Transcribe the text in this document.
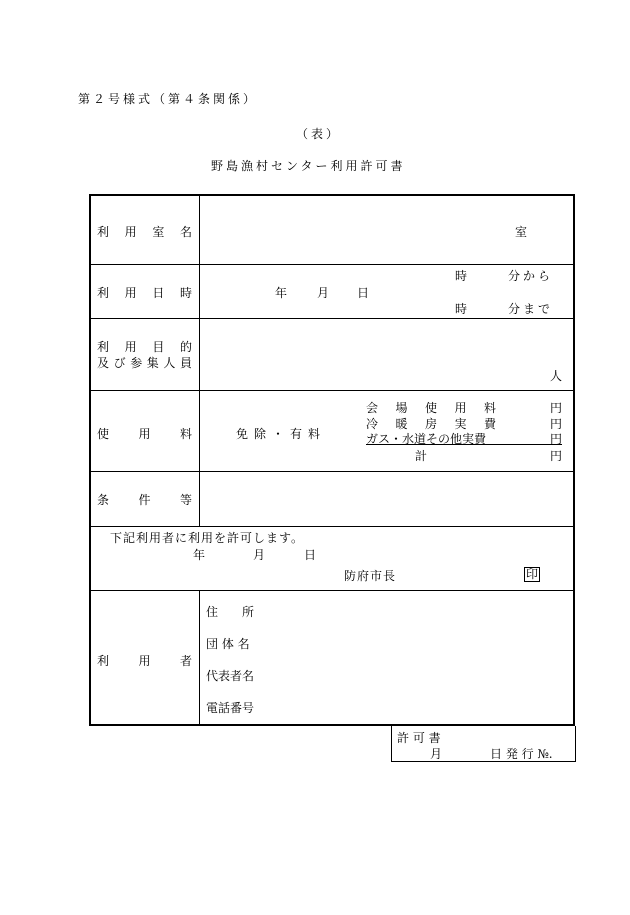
第２号様式（第４条関係）
（表）
野島漁村センター利用許可書
利 用 室 名	室
利 用 日 時	年 月 日
時	分から
時	分まで
利 用 目 的
及 び 参 集 人 員
人
使 用 料	免除・有料
会 場 使 用 料	円
冷 暖 房 実 費	円
ガス・水道その他実費	円
計	円
条 件 等
下記利用者に利用を許可します。
年	月	日
防府市長	印
利 用 者
住　　所
団 体 名
代表者名
電話番号
許 可 書
月	日 発 行 №.
